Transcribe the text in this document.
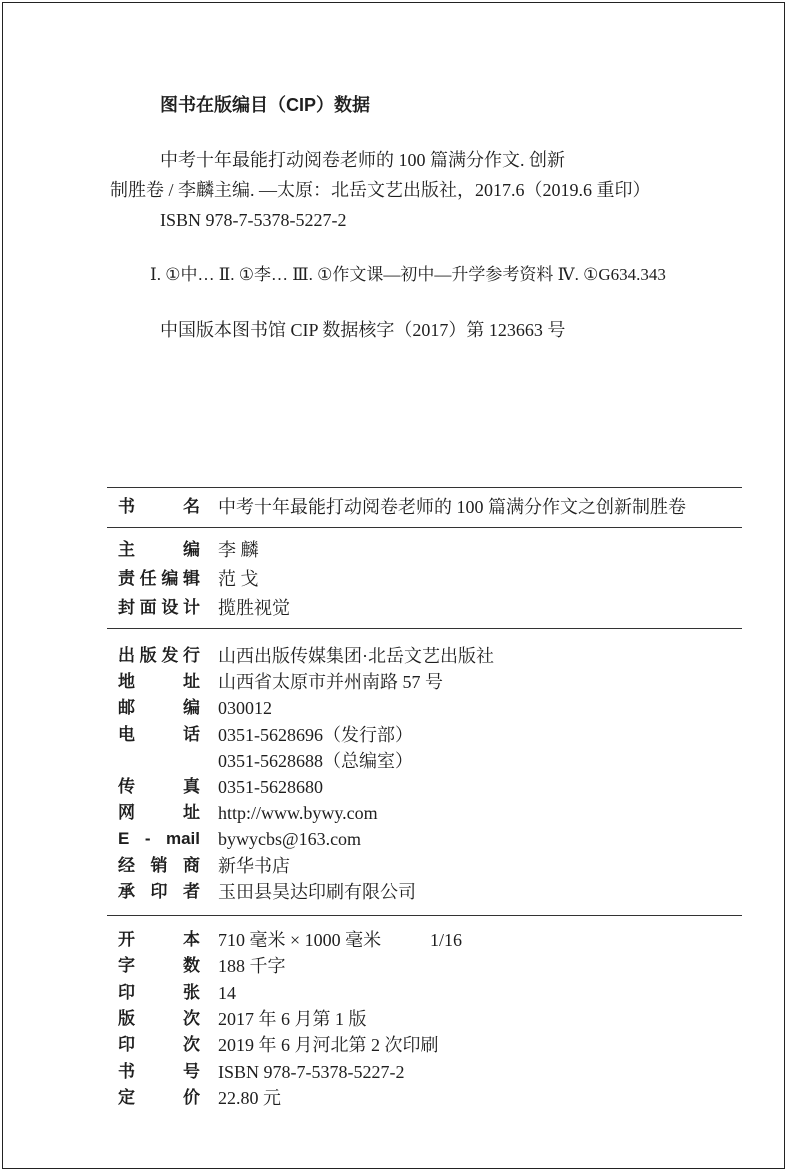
图书在版编目（CIP）数据
中考十年最能打动阅卷老师的 100 篇满分作文. 创新
制胜卷 / 李麟主编. —太原：北岳文艺出版社，2017.6（2019.6 重印）
ISBN 978-7-5378-5227-2
Ⅰ. ①中… Ⅱ. ①李… Ⅲ. ①作文课—初中—升学参考资料 Ⅳ. ①G634.343
中国版本图书馆 CIP 数据核字（2017）第 123663 号
书 名 中考十年最能打动阅卷老师的 100 篇满分作文之创新制胜卷
主 编 李 麟
责任编辑 范 戈
封面设计 揽胜视觉
出版发行 山西出版传媒集团·北岳文艺出版社
地 址 山西省太原市并州南路 57 号
邮 编 030012
电 话 0351-5628696（发行部）
0351-5628688（总编室）
传 真 0351-5628680
网 址 http://www.bywy.com
E - mail bywycbs@163.com
经 销 商 新华书店
承 印 者 玉田县昊达印刷有限公司
开 本 710 毫米 × 1000 毫米	1/16
字 数 188 千字
印 张 14
版 次 2017 年 6 月第 1 版
印 次 2019 年 6 月河北第 2 次印刷
书 号 ISBN 978-7-5378-5227-2
定 价 22.80 元
